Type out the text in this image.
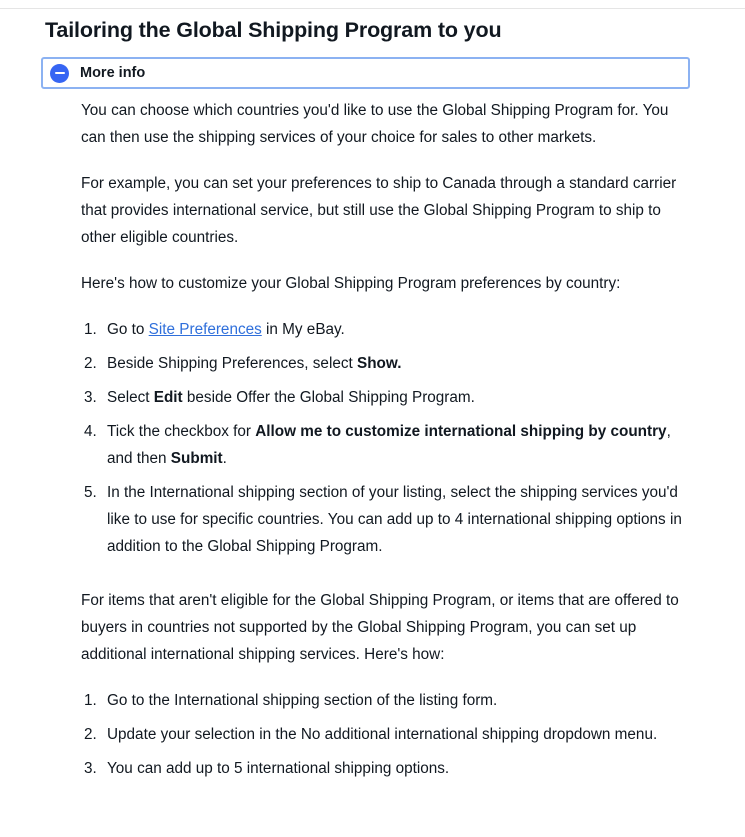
Tailoring the Global Shipping Program to you
More info

You can choose which countries you'd like to use the Global Shipping Program for. You can then use the shipping services of your choice for sales to other markets.

For example, you can set your preferences to ship to Canada through a standard carrier that provides international service, but still use the Global Shipping Program to ship to other eligible countries.

Here's how to customize your Global Shipping Program preferences by country:

Go to Site Preferences in My eBay.
Beside Shipping Preferences, select Show.
Select Edit beside Offer the Global Shipping Program.
Tick the checkbox for Allow me to customize international shipping by country, and then Submit.
In the International shipping section of your listing, select the shipping services you'd like to use for specific countries. You can add up to 4 international shipping options in addition to the Global Shipping Program.

For items that aren't eligible for the Global Shipping Program, or items that are offered to buyers in countries not supported by the Global Shipping Program, you can set up additional international shipping services. Here's how:

Go to the International shipping section of the listing form.
Update your selection in the No additional international shipping dropdown menu.
You can add up to 5 international shipping options.
